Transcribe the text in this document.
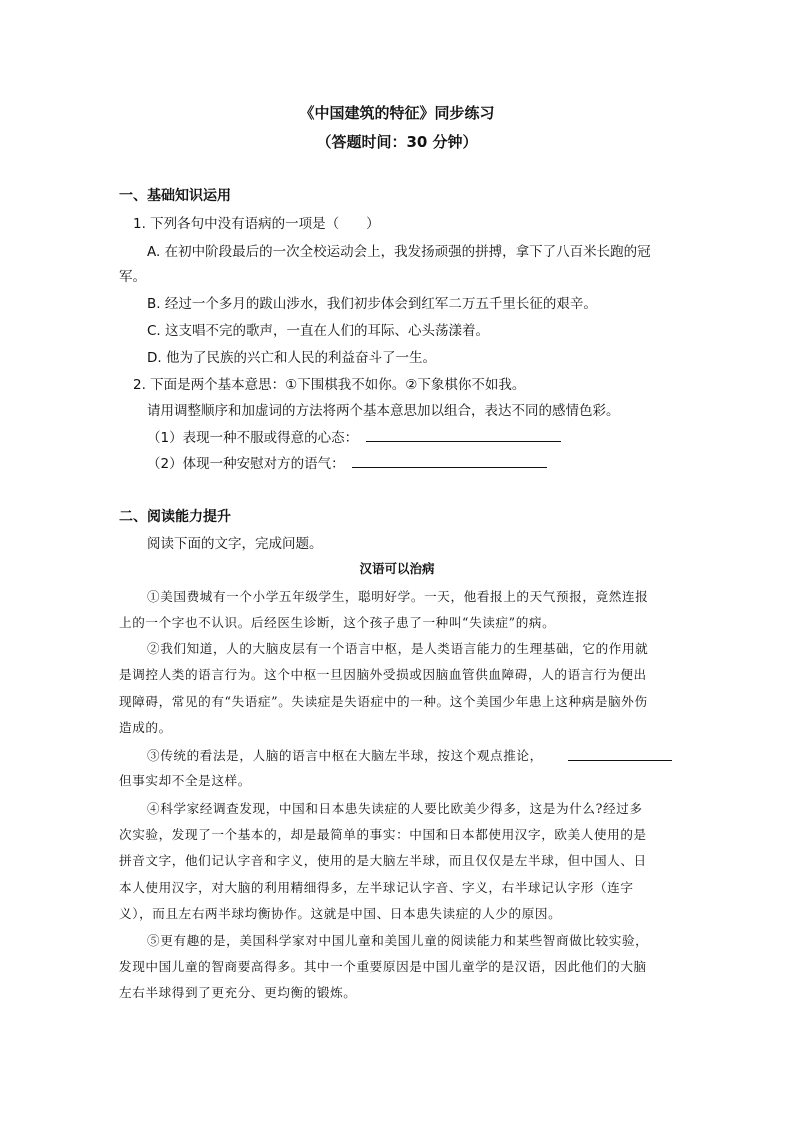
《中国建筑的特征》同步练习
（答题时间：30 分钟）
一、基础知识运用
1. 下列各句中没有语病的一项是（　　）
A. 在初中阶段最后的一次全校运动会上，我发扬顽强的拼搏，拿下了八百米长跑的冠
军。
B. 经过一个多月的跋山涉水，我们初步体会到红军二万五千里长征的艰辛。
C. 这支唱不完的歌声，一直在人们的耳际、心头荡漾着。
D. 他为了民族的兴亡和人民的利益奋斗了一生。
2. 下面是两个基本意思：①下围棋我不如你。②下象棋你不如我。
请用调整顺序和加虚词的方法将两个基本意思加以组合，表达不同的感情色彩。
（1）表现一种不服或得意的心态：
（2）体现一种安慰对方的语气：
二、阅读能力提升
阅读下面的文字，完成问题。
汉语可以治病
①美国费城有一个小学五年级学生，聪明好学。一天，他看报上的天气预报，竟然连报
上的一个字也不认识。后经医生诊断，这个孩子患了一种叫“失读症”的病。
②我们知道，人的大脑皮层有一个语言中枢，是人类语言能力的生理基础，它的作用就
是调控人类的语言行为。这个中枢一旦因脑外受损或因脑血管供血障碍，人的语言行为便出
现障碍，常见的有“失语症”。失读症是失语症中的一种。这个美国少年患上这种病是脑外伤
造成的。
③传统的看法是，人脑的语言中枢在大脑左半球，按这个观点推论，
但事实却不全是这样。
④科学家经调查发现，中国和日本患失读症的人要比欧美少得多，这是为什么?经过多
次实验，发现了一个基本的，却是最简单的事实：中国和日本都使用汉字，欧美人使用的是
拼音文字，他们记认字音和字义，使用的是大脑左半球，而且仅仅是左半球，但中国人、日
本人使用汉字，对大脑的利用精细得多，左半球记认字音、字义，右半球记认字形（连字
义），而且左右两半球均衡协作。这就是中国、日本患失读症的人少的原因。
⑤更有趣的是，美国科学家对中国儿童和美国儿童的阅读能力和某些智商做比较实验，
发现中国儿童的智商要高得多。其中一个重要原因是中国儿童学的是汉语，因此他们的大脑
左右半球得到了更充分、更均衡的锻炼。
